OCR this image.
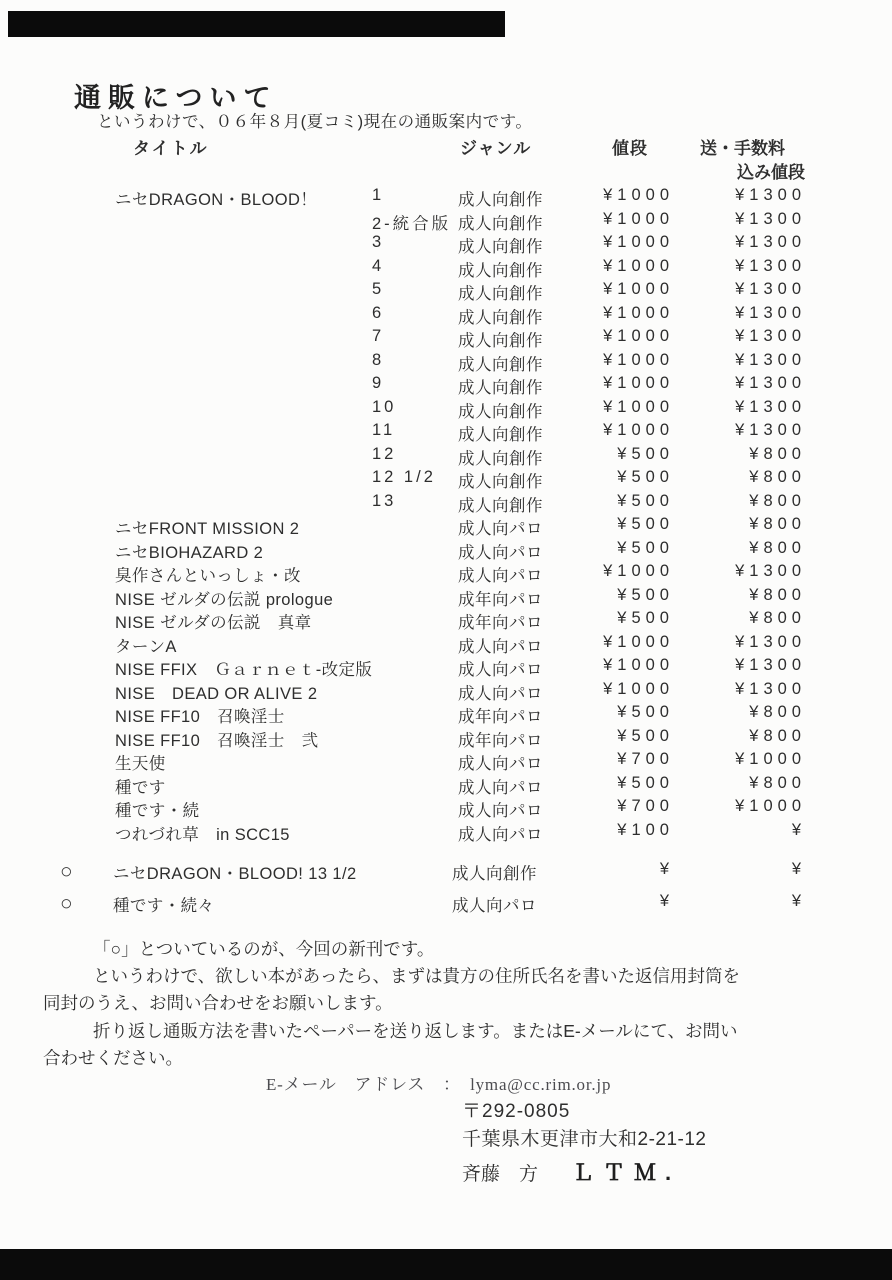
通販について

というわけで、０６年８月(夏コミ)現在の通販案内です。

タイトル	ジャンル	値段	送・手数料
込み値段
ニセDRAGON・BLOOD！	1	成人向創作	¥1000	¥1300
2-統合版 成人向創作	¥1000	¥1300
3	成人向創作	¥1000	¥1300
4	成人向創作	¥1000	¥1300
5	成人向創作	¥1000	¥1300
6	成人向創作	¥1000	¥1300
7	成人向創作	¥1000	¥1300
8	成人向創作	¥1000	¥1300
9	成人向創作	¥1000	¥1300
10	成人向創作	¥1000	¥1300
11	成人向創作	¥1000	¥1300
12	成人向創作	¥500	¥800
12 1/2 成人向創作	¥500	¥800
13	成人向創作	¥500	¥800
ニセFRONT MISSION 2	成人向パロ	¥500	¥800
ニセBIOHAZARD 2	成人向パロ	¥500	¥800
臭作さんといっしょ・改	成人向パロ	¥1000	¥1300
NISE ゼルダの伝説 prologue	成年向パロ	¥500	¥800
NISE ゼルダの伝説　真章	成年向パロ	¥500	¥800
ターンA	成人向パロ	¥1000	¥1300
NISE FFIX　Ｇａｒｎｅｔ-改定版	成人向パロ	¥1000	¥1300
NISE　DEAD OR ALIVE 2	成人向パロ	¥1000	¥1300
NISE FF10　召喚淫士	成年向パロ	¥500	¥800
NISE FF10　召喚淫士　弐	成年向パロ	¥500	¥800
生天使	成人向パロ	¥700	¥1000
種です	成人向パロ	¥500	¥800
種です・続	成人向パロ	¥700	¥1000
つれづれ草　in SCC15	成人向パロ	¥100	¥
○ ニセDRAGON・BLOOD! 13 1/2	成人向創作	¥	¥
○ 種です・続々	成人向パロ	¥	¥
「○」とついているのが、今回の新刊です。
というわけで、欲しい本があったら、まずは貴方の住所氏名を書いた返信用封筒を
同封のうえ、お問い合わせをお願いします。
折り返し通販方法を書いたペーパーを送り返します。またはE-メールにて、お問い
合わせください。
E-メール　アドレス　：　lyma@cc.rim.or.jp
〒292-0805
千葉県木更津市大和2-21-12
斉藤　方 ＬＴＭ.
